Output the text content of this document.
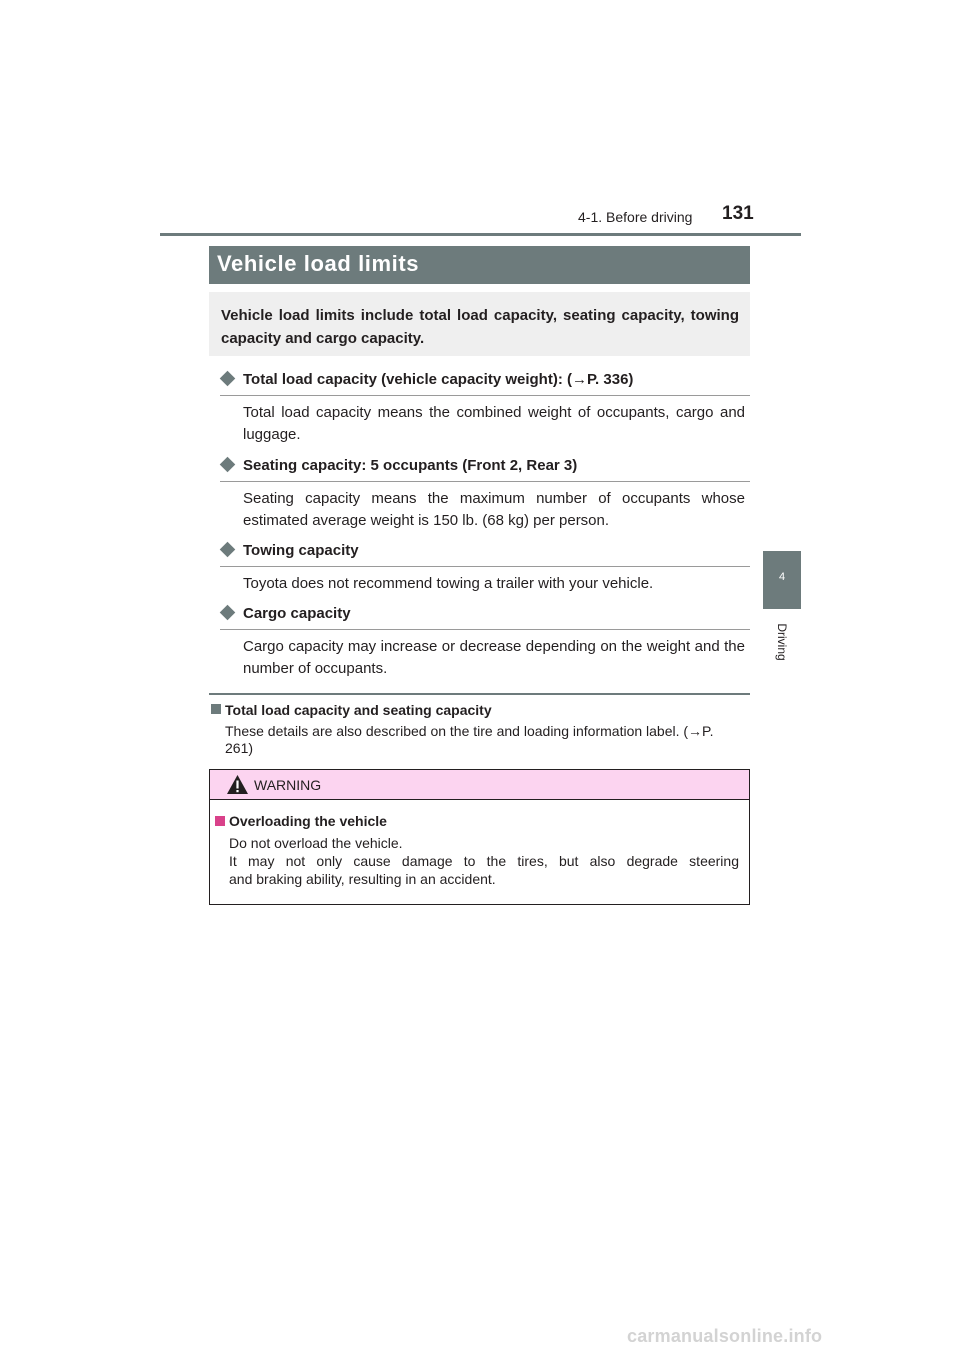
4-1. Before driving 131
4
Driving
Vehicle load limits
Vehicle load limits include total load capacity, seating capacity, towing capacity and cargo capacity.
Total load capacity (vehicle capacity weight): (→P. 336)
Total load capacity means the combined weight of occupants, cargo and luggage.
Seating capacity: 5 occupants (Front 2, Rear 3)
Seating capacity means the maximum number of occupants whose estimated average weight is 150 lb. (68 kg) per person.
Towing capacity
Toyota does not recommend towing a trailer with your vehicle.
Cargo capacity
Cargo capacity may increase or decrease depending on the weight and the number of occupants.
Total load capacity and seating capacity
These details are also described on the tire and loading information label. (→P. 261)
WARNING
Overloading the vehicle
Do not overload the vehicle.
It may not only cause damage to the tires, but also degrade steering
and braking ability, resulting in an accident.
carmanualsonline.info
